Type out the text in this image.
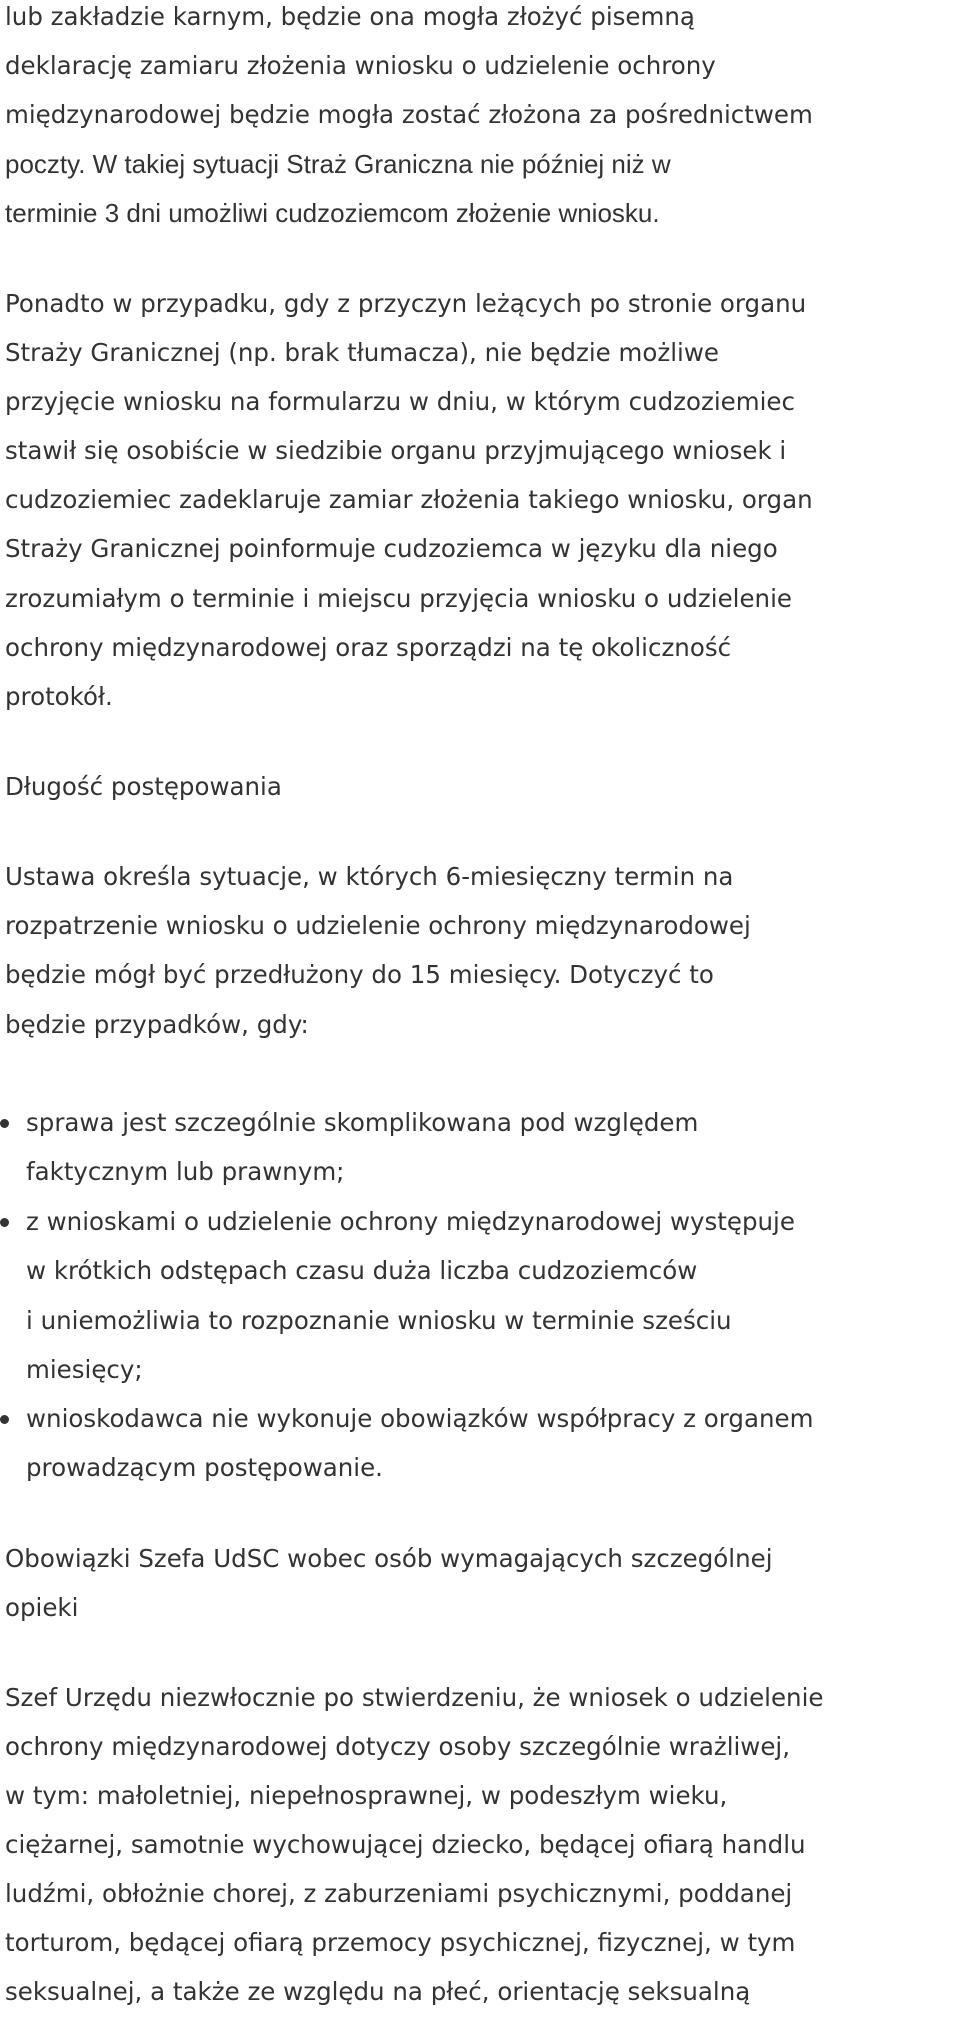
lub zakładzie karnym, będzie ona mogła złożyć pisemną
deklarację zamiaru złożenia wniosku o udzielenie ochrony
międzynarodowej będzie mogła zostać złożona za pośrednictwem
poczty. W takiej sytuacji Straż Graniczna nie później niż w
terminie 3 dni umożliwi cudzoziemcom złożenie wniosku.
Ponadto w przypadku, gdy z przyczyn leżących po stronie organu
Straży Granicznej (np. brak tłumacza), nie będzie możliwe
przyjęcie wniosku na formularzu w dniu, w którym cudzoziemiec
stawił się osobiście w siedzibie organu przyjmującego wniosek i
cudzoziemiec zadeklaruje zamiar złożenia takiego wniosku, organ
Straży Granicznej poinformuje cudzoziemca w języku dla niego
zrozumiałym o terminie i miejscu przyjęcia wniosku o udzielenie
ochrony międzynarodowej oraz sporządzi na tę okoliczność
protokół.
Długość postępowania
Ustawa określa sytuacje, w których 6-miesięczny termin na
rozpatrzenie wniosku o udzielenie ochrony międzynarodowej
będzie mógł być przedłużony do 15 miesięcy. Dotyczyć to
będzie przypadków, gdy:
sprawa jest szczególnie skomplikowana pod względem
faktycznym lub prawnym;
z wnioskami o udzielenie ochrony międzynarodowej występuje
w krótkich odstępach czasu duża liczba cudzoziemców
i uniemożliwia to rozpoznanie wniosku w terminie sześciu
miesięcy;
wnioskodawca nie wykonuje obowiązków współpracy z organem
prowadzącym postępowanie.
Obowiązki Szefa UdSC wobec osób wymagających szczególnej
opieki
Szef Urzędu niezwłocznie po stwierdzeniu, że wniosek o udzielenie
ochrony międzynarodowej dotyczy osoby szczególnie wrażliwej,
w tym: małoletniej, niepełnosprawnej, w podeszłym wieku,
ciężarnej, samotnie wychowującej dziecko, będącej ofiarą handlu
ludźmi, obłożnie chorej, z zaburzeniami psychicznymi, poddanej
torturom, będącej ofiarą przemocy psychicznej, fizycznej, w tym
seksualnej, a także ze względu na płeć, orientację seksualną
